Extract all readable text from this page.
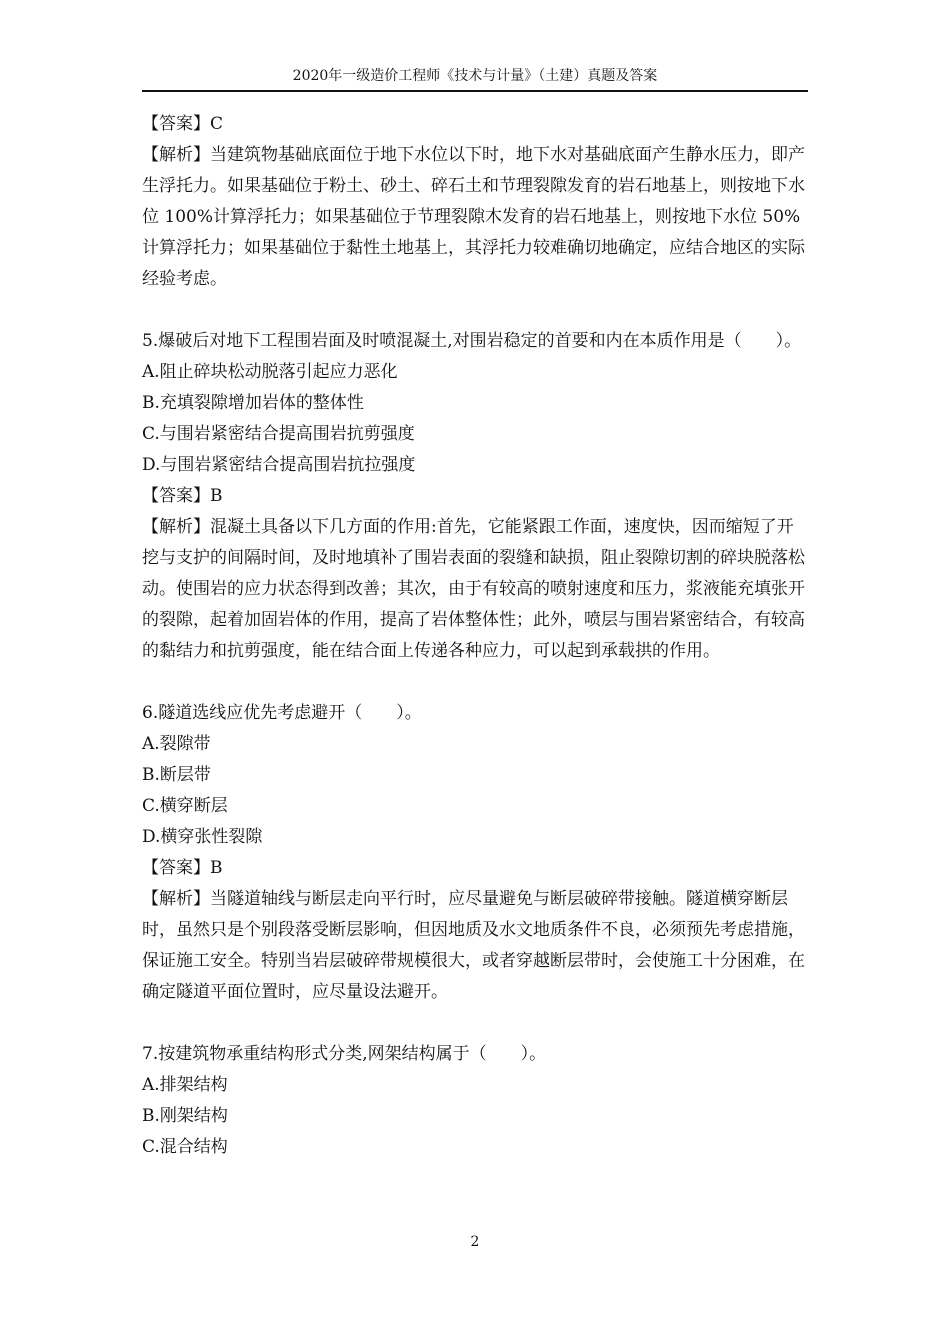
2020年一级造价工程师《技术与计量》（土建）真题及答案

【答案】C

【解析】当建筑物基础底面位于地下水位以下时，地下水对基础底面产生静水压力，即产生浮托力。如果基础位于粉土、砂土、碎石土和节理裂隙发育的岩石地基上，则按地下水位 100%计算浮托力；如果基础位于节理裂隙木发育的岩石地基上，则按地下水位 50%计算浮托力；如果基础位于黏性土地基上，其浮托力较难确切地确定，应结合地区的实际经验考虑。

5.爆破后对地下工程围岩面及时喷混凝土,对围岩稳定的首要和内在本质作用是（　　）。

A.阻止碎块松动脱落引起应力恶化

B.充填裂隙增加岩体的整体性

C.与围岩紧密结合提高围岩抗剪强度

D.与围岩紧密结合提高围岩抗拉强度

【答案】B

【解析】混凝土具备以下几方面的作用:首先，它能紧跟工作面，速度快，因而缩短了开挖与支护的间隔时间，及时地填补了围岩表面的裂缝和缺损，阻止裂隙切割的碎块脱落松动。使围岩的应力状态得到改善；其次，由于有较高的喷射速度和压力，浆液能充填张开的裂隙，起着加固岩体的作用，提高了岩体整体性；此外，喷层与围岩紧密结合，有较高的黏结力和抗剪强度，能在结合面上传递各种应力，可以起到承载拱的作用。

6.隧道选线应优先考虑避开（　　）。

A.裂隙带

B.断层带

C.横穿断层

D.横穿张性裂隙

【答案】B

【解析】当隧道轴线与断层走向平行时，应尽量避免与断层破碎带接触。隧道横穿断层时，虽然只是个别段落受断层影响，但因地质及水文地质条件不良，必须预先考虑措施，保证施工安全。特别当岩层破碎带规模很大，或者穿越断层带时，会使施工十分困难，在确定隧道平面位置时，应尽量设法避开。

7.按建筑物承重结构形式分类,网架结构属于（　　）。

A.排架结构

B.刚架结构

C.混合结构

2
